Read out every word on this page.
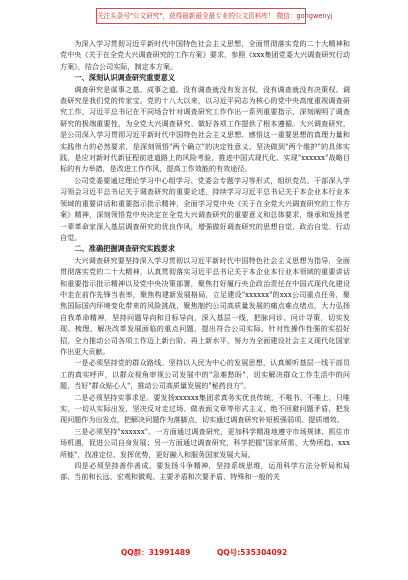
关注头条号"公文研究"，获得最新最全最专业的公文资料库！ 微信：gongwenyj

为深入学习贯彻习近平新时代中国特色社会主义思想，全面贯彻落实党的二十大精神和党中央《关于在全党大兴调查研究的工作方案》要求，参照《xxx集团党委大兴调查研究行动方案》，结合公司实际，制定本方案。

一、深刻认识调查研究重要意义

调查研究是谋事之基、成事之道。没有调查就没有发言权，没有调查就没有决策权。调查研究是我们党的传家宝。党的十八大以来，以习近平同志为核心的党中央高度重视调查研究工作，习近平总书记在不同场合针对调查研究工作作出一系列重要指示，深刻阐明了调查研究的极端重要性，为全党大兴调查研究、做好各项工作提供了根本遵循。大兴调查研究，是公司深入学习贯彻习近平新时代中国特色社会主义思想、感悟这一重要思想的真理力量和实践伟力的必然要求，是深刻领悟"两个确立"的决定性意义、坚决做到"两个维护"的具体实践，是应对新时代新征程前进道路上的风险考验，推进中国式现代化、实现"xxxxxx"战略目标的有力举措，是改进工作作风，提高工作效能的有效途径。

公司党委要通过理论学习中心组学习、党委会专题学习等形式，组织党员、干部深入学习领会习近平总书记关于调查研究的重要论述，持续学习习近平总书记关于本企业本行业本领域的重要讲话和重要指示批示精神，全面学习党中央《关于在全党大兴调查研究的工作方案》精神，深刻领悟党中央决定在全党大兴调查研究的重要意义和总体要求，继承和发扬老一辈革命家深入基层调查研究的优良作风，增强做好调查研究的思想自觉、政治自觉、行动自觉。

二、准确把握调查研究实践要求

大兴调查研究要坚持深入学习贯彻以习近平新时代中国特色社会主义思想为指导，全面贯彻落实党的二十大精神，认真贯彻落实习近平总书记关于本企业本行业本领域的重要讲话和重要指示批示精神以及党中央决策部署，聚焦打好履行央企政治责任在中国式现代化建设中走在前作先锋当表率，聚焦构建新发展格局，立足建设"xxxxxx"的xxx公司重点任务，聚焦国际国内环境变化带来的风险挑战，聚焦制约公司高质量发展的痛点难点堵点，大力弘扬自我革命精神，坚持问题导向和目标导向，深入基层一线，把脉问诊、问计寻策，切实发现、梳理、解决改革发展面临的重点问题，提出符合公司实际、针对性操作性强的实招好招，全力推动公司各项工作迈上新台阶、再上新水平，努力为全面建设社会主义现代化国家作出更大贡献。

一是必须坚持党的群众路线。坚持以人民为中心的发展思想，认真倾听基层一线干部员工的真实呼声，以群众视角审视公司发展中的"急难愁盼"，切实解决群众工作生活中的问题，当好"群众贴心人"，推动公司高质量发展的"秘药良方"。

二是必须坚持实事求是。要发扬xxxxxx集团求真务实优良传统，不唯书、不唯上、只唯实，一切从实际出发，坚决反对走过场、做表面文章等形式主义，绝不回避问题矛盾，把发现问题作为出发点，把解决问题作为落脚点，切实通过调查研究补短板强弱项、提质增效。

三是必须坚持"xxxxxx"。一方面通过调查研究，更加科学精准地遵守市场规律、抓住市场机遇，促进公司自身发展；另一方面通过调查研究，科学把握"国家所需、大势所趋、xxx所能"，找准定位、发挥优势，更好融入和服务国家发展大局。

四是必须坚持善作善成。要发扬斗争精神，坚持系统思维，运用科学方法分析局和局部、当前和长远、宏观和微观、主要矛盾和次要矛盾、特殊和一般的关

QQ群：31991489	QQ号:535304092
